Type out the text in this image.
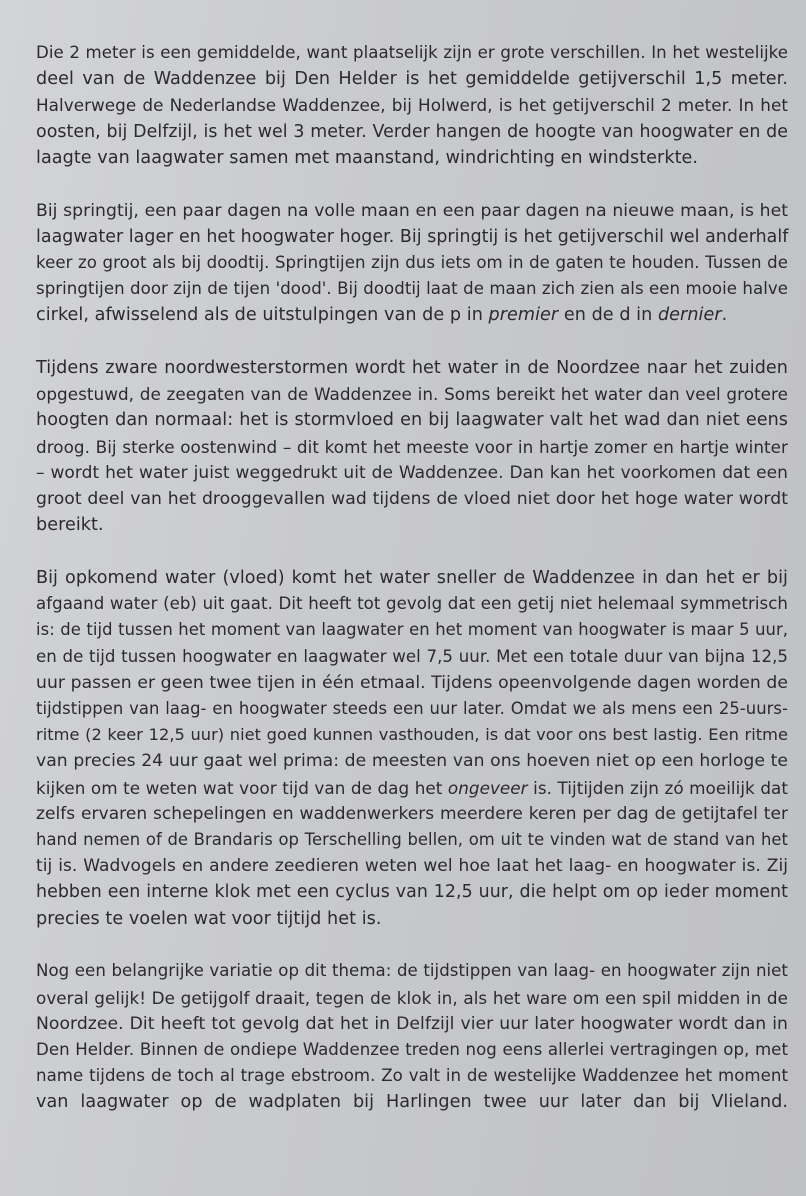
Die 2 meter is een gemiddelde, want plaatselijk zijn er grote verschillen. In het westelijke
deel van de Waddenzee bij Den Helder is het gemiddelde getijverschil 1,5 meter.
Halverwege de Nederlandse Waddenzee, bij Holwerd, is het getijverschil 2 meter. In het
oosten, bij Delfzijl, is het wel 3 meter. Verder hangen de hoogte van hoogwater en de
laagte van laagwater samen met maanstand, windrichting en windsterkte.

Bij springtij, een paar dagen na volle maan en een paar dagen na nieuwe maan, is het
laagwater lager en het hoogwater hoger. Bij springtij is het getijverschil wel anderhalf
keer zo groot als bij doodtij. Springtijen zijn dus iets om in de gaten te houden. Tussen de
springtijen door zijn de tijen 'dood'. Bij doodtij laat de maan zich zien als een mooie halve
cirkel, afwisselend als de uitstulpingen van de p in premier en de d in dernier.

Tijdens zware noordwesterstormen wordt het water in de Noordzee naar het zuiden
opgestuwd, de zeegaten van de Waddenzee in. Soms bereikt het water dan veel grotere
hoogten dan normaal: het is stormvloed en bij laagwater valt het wad dan niet eens
droog. Bij sterke oostenwind – dit komt het meeste voor in hartje zomer en hartje winter
– wordt het water juist weggedrukt uit de Waddenzee. Dan kan het voorkomen dat een
groot deel van het drooggevallen wad tijdens de vloed niet door het hoge water wordt
bereikt.

Bij opkomend water (vloed) komt het water sneller de Waddenzee in dan het er bij
afgaand water (eb) uit gaat. Dit heeft tot gevolg dat een getij niet helemaal symmetrisch
is: de tijd tussen het moment van laagwater en het moment van hoogwater is maar 5 uur,
en de tijd tussen hoogwater en laagwater wel 7,5 uur. Met een totale duur van bijna 12,5
uur passen er geen twee tijen in één etmaal. Tijdens opeenvolgende dagen worden de
tijdstippen van laag- en hoogwater steeds een uur later. Omdat we als mens een 25-uurs-
ritme (2 keer 12,5 uur) niet goed kunnen vasthouden, is dat voor ons best lastig. Een ritme
van precies 24 uur gaat wel prima: de meesten van ons hoeven niet op een horloge te
kijken om te weten wat voor tijd van de dag het ongeveer is. Tijtijden zijn zó moeilijk dat
zelfs ervaren schepelingen en waddenwerkers meerdere keren per dag de getijtafel ter
hand nemen of de Brandaris op Terschelling bellen, om uit te vinden wat de stand van het
tij is. Wadvogels en andere zeedieren weten wel hoe laat het laag- en hoogwater is. Zij
hebben een interne klok met een cyclus van 12,5 uur, die helpt om op ieder moment
precies te voelen wat voor tijtijd het is.

Nog een belangrijke variatie op dit thema: de tijdstippen van laag- en hoogwater zijn niet
overal gelijk! De getijgolf draait, tegen de klok in, als het ware om een spil midden in de
Noordzee. Dit heeft tot gevolg dat het in Delfzijl vier uur later hoogwater wordt dan in
Den Helder. Binnen de ondiepe Waddenzee treden nog eens allerlei vertragingen op, met
name tijdens de toch al trage ebstroom. Zo valt in de westelijke Waddenzee het moment
van laagwater op de wadplaten bij Harlingen twee uur later dan bij Vlieland.
